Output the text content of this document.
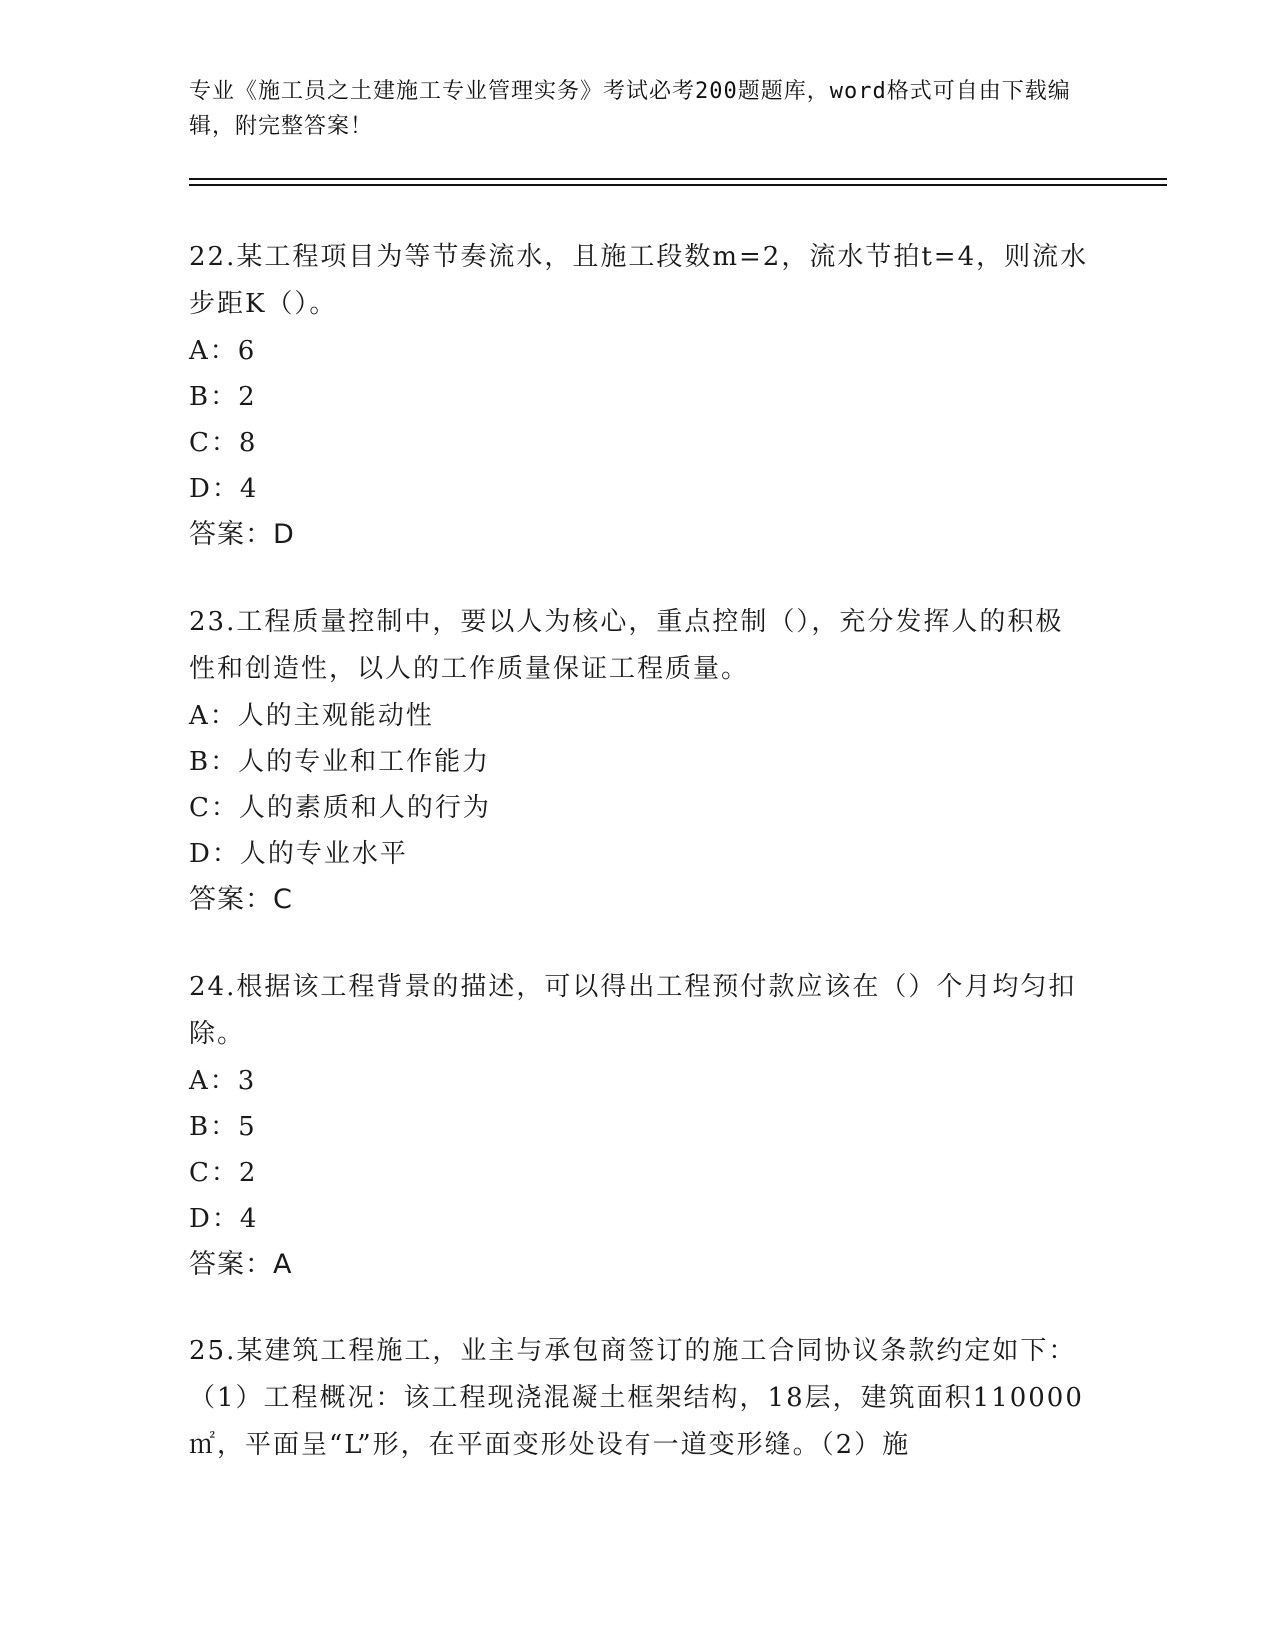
专业《施工员之土建施工专业管理实务》考试必考200题题库，word格式可自由下载编辑，附完整答案！

22.某工程项目为等节奏流水，且施工段数m=2，流水节拍t=4，则流水步距K（）。

A：6
B：2
C：8
D：4
答案：D

23.工程质量控制中，要以人为核心，重点控制（），充分发挥人的积极性和创造性，以人的工作质量保证工程质量。

A：人的主观能动性
B：人的专业和工作能力
C：人的素质和人的行为
D：人的专业水平
答案：C

24.根据该工程背景的描述，可以得出工程预付款应该在（）个月均匀扣除。

A：3
B：5
C：2
D：4
答案：A

25.某建筑工程施工，业主与承包商签订的施工合同协议条款约定如下：（1）工程概况：该工程现浇混凝土框架结构，18层，建筑面积110000㎡，平面呈“L”形，在平面变形处设有一道变形缝。（2）施
